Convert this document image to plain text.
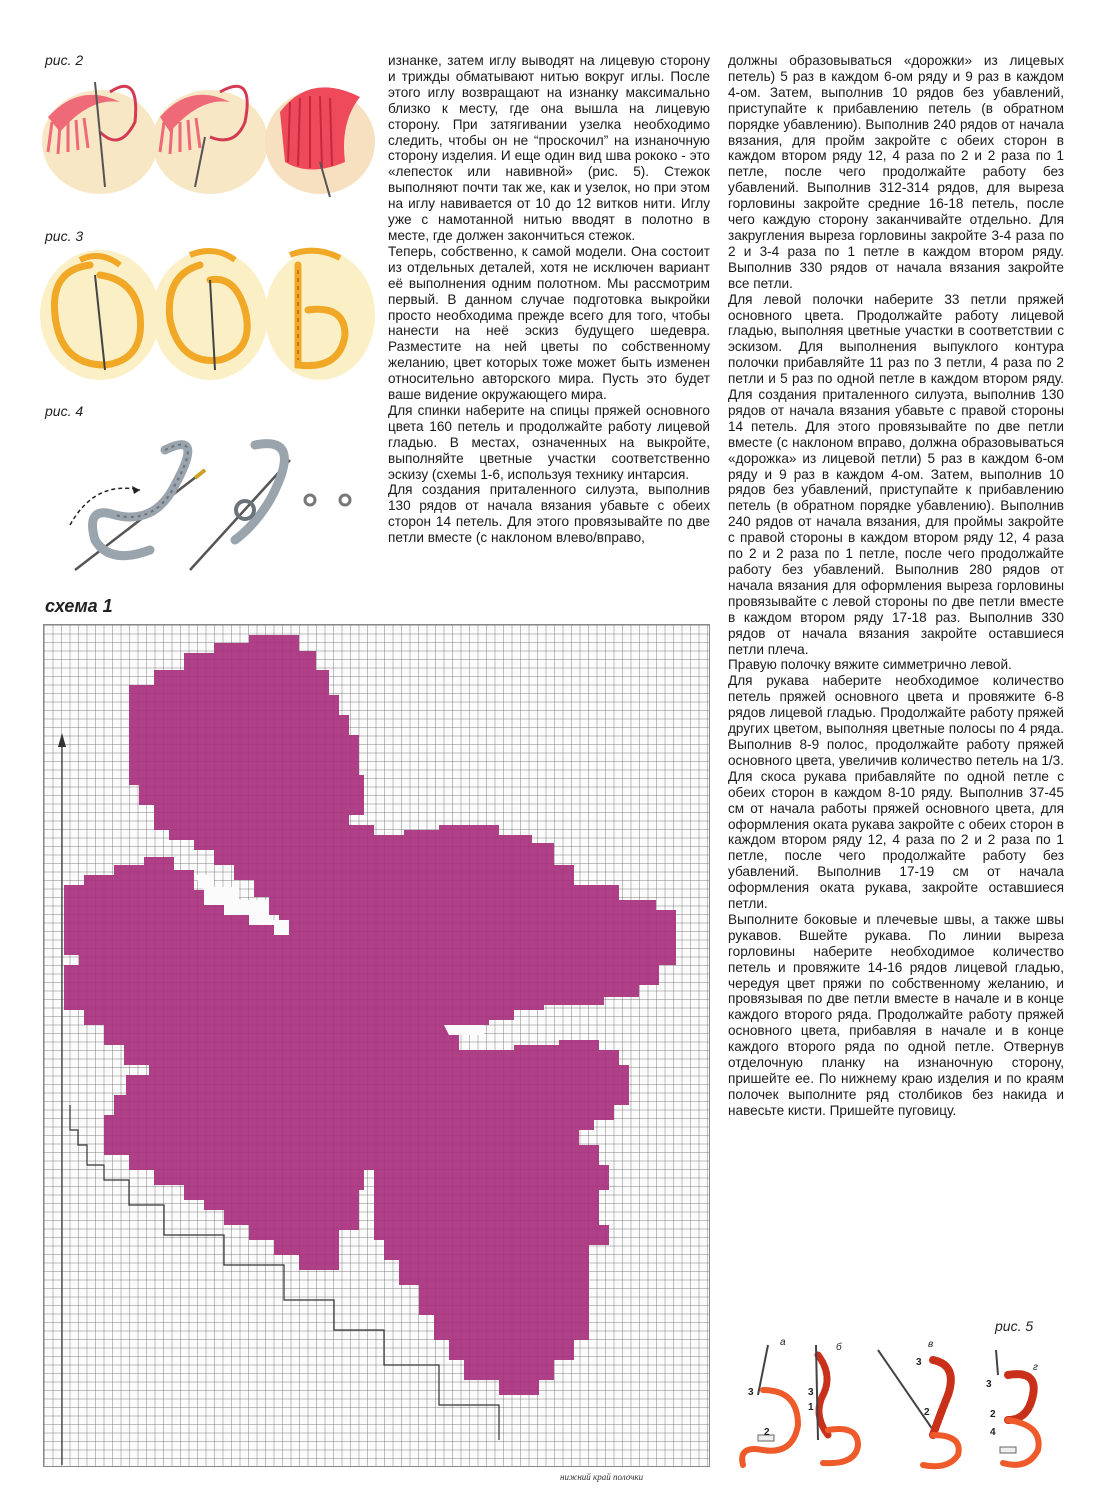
рис. 2
рис. 3
рис. 4
рис. 5

изнанке, затем иглу выводят на лицевую сторону и трижды обматывают нитью вокруг иглы. После этого иглу возвращают на изнанку максимально близко к месту, где она вышла на лицевую сторону. При затягивании узелка необходимо следить, чтобы он не “проскочил” на изнаночную сторону изделия. И еще один вид шва рококо - это «лепесток или навивной» (рис. 5). Стежок выполняют почти так же, как и узелок, но при этом на иглу навивается от 10 до 12 витков нити. Иглу уже с намотанной нитью вводят в полотно в месте, где должен закончиться стежок.

Теперь, собственно, к самой модели. Она состоит из отдельных деталей, хотя не исключен вариант её выполнения одним полотном. Мы рассмотрим первый. В данном случае подготовка выкройки просто необходима прежде всего для того, чтобы нанести на неё эскиз будущего шедевра. Разместите на ней цветы по собственному желанию, цвет которых тоже может быть изменен относительно авторского мира. Пусть это будет ваше видение окружающего мира.

Для спинки наберите на спицы пряжей основного цвета 160 петель и продолжайте работу лицевой гладью. В местах, означенных на выкройте, выполняйте цветные участки соответственно эскизу (схемы 1-6, используя технику интарсия.

Для создания приталенного силуэта, выполнив 130 рядов от начала вязания убавьте с обеих сторон 14 петель. Для этого провязывайте по две петли вместе (с наклоном влево/вправо,

должны образовываться «дорожки» из лицевых петель) 5 раз в каждом 6-ом ряду и 9 раз в каждом 4-ом. Затем, выполнив 10 рядов без убавлений, приступайте к прибавлению петель (в обратном порядке убавлению). Выполнив 240 рядов от начала вязания, для пройм закройте с обеих сторон в каждом втором ряду 12, 4 раза по 2 и 2 раза по 1 петле, после чего продолжайте работу без убавлений. Выполнив 312-314 рядов, для выреза горловины закройте средние 16-18 петель, после чего каждую сторону заканчивайте отдельно. Для закругления выреза горловины закройте 3-4 раза по 2 и 3-4 раза по 1 петле в каждом втором ряду. Выполнив 330 рядов от начала вязания закройте все петли.

Для левой полочки наберите 33 петли пряжей основного цвета. Продолжайте работу лицевой гладью, выполняя цветные участки в соответствии с эскизом. Для выполнения выпуклого контура полочки прибавляйте 11 раз по 3 петли, 4 раза по 2 петли и 5 раз по одной петле в каждом втором ряду. Для создания приталенного силуэта, выполнив 130 рядов от начала вязания убавьте с правой стороны 14 петель. Для этого провязывайте по две петли вместе (с наклоном вправо, должна образовываться «дорожка» из лицевой петли) 5 раз в каждом 6-ом ряду и 9 раз в каждом 4-ом. Затем, выполнив 10 рядов без убавлений, приступайте к прибавлению петель (в обратном порядке убавлению). Выполнив 240 рядов от начала вязания, для проймы закройте с правой стороны в каждом втором ряду 12, 4 раза по 2 и 2 раза по 1 петле, после чего продолжайте работу без убавлений. Выполнив 280 рядов от начала вязания для оформления выреза горловины провязывайте с левой стороны по две петли вместе в каждом втором ряду 17-18 раз. Выполнив 330 рядов от начала вязания закройте оставшиеся петли плеча.

Правую полочку вяжите симметрично левой.

Для рукава наберите необходимое количество петель пряжей основного цвета и провяжите 6-8 рядов лицевой гладью. Продолжайте работу пряжей других цветом, выполняя цветные полосы по 4 ряда. Выполнив 8-9 полос, продолжайте работу пряжей основного цвета, увеличив количество петель на 1/3. Для скоса рукава прибавляйте по одной петле с обеих сторон в каждом 8-10 ряду. Выполнив 37-45 см от начала работы пряжей основного цвета, для оформления оката рукава закройте с обеих сторон в каждом втором ряду 12, 4 раза по 2 и 2 раза по 1 петле, после чего продолжайте работу без убавлений. Выполнив 17-19 см от начала оформления оката рукава, закройте оставшиеся петли.

Выполните боковые и плечевые швы, а также швы рукавов. Вшейте рукава. По линии выреза горловины наберите необходимое количество петель и провяжите 14-16 рядов лицевой гладью, чередуя цвет пряжи по собственному желанию, и провязывая по две петли вместе в начале и в конце каждого второго ряда. Продолжайте работу пряжей основного цвета, прибавляя в начале и в конце каждого второго ряда по одной петле. Отвернув отделочную планку на изнаночную сторону, пришейте ее. По нижнему краю изделия и по краям полочек выполните ряд столбиков без накида и навесьте кисти. Пришейте пуговицу.

схема 1
нижний край полочки
а
3
2
б
3
1
в
3
2
г
3
2
4
